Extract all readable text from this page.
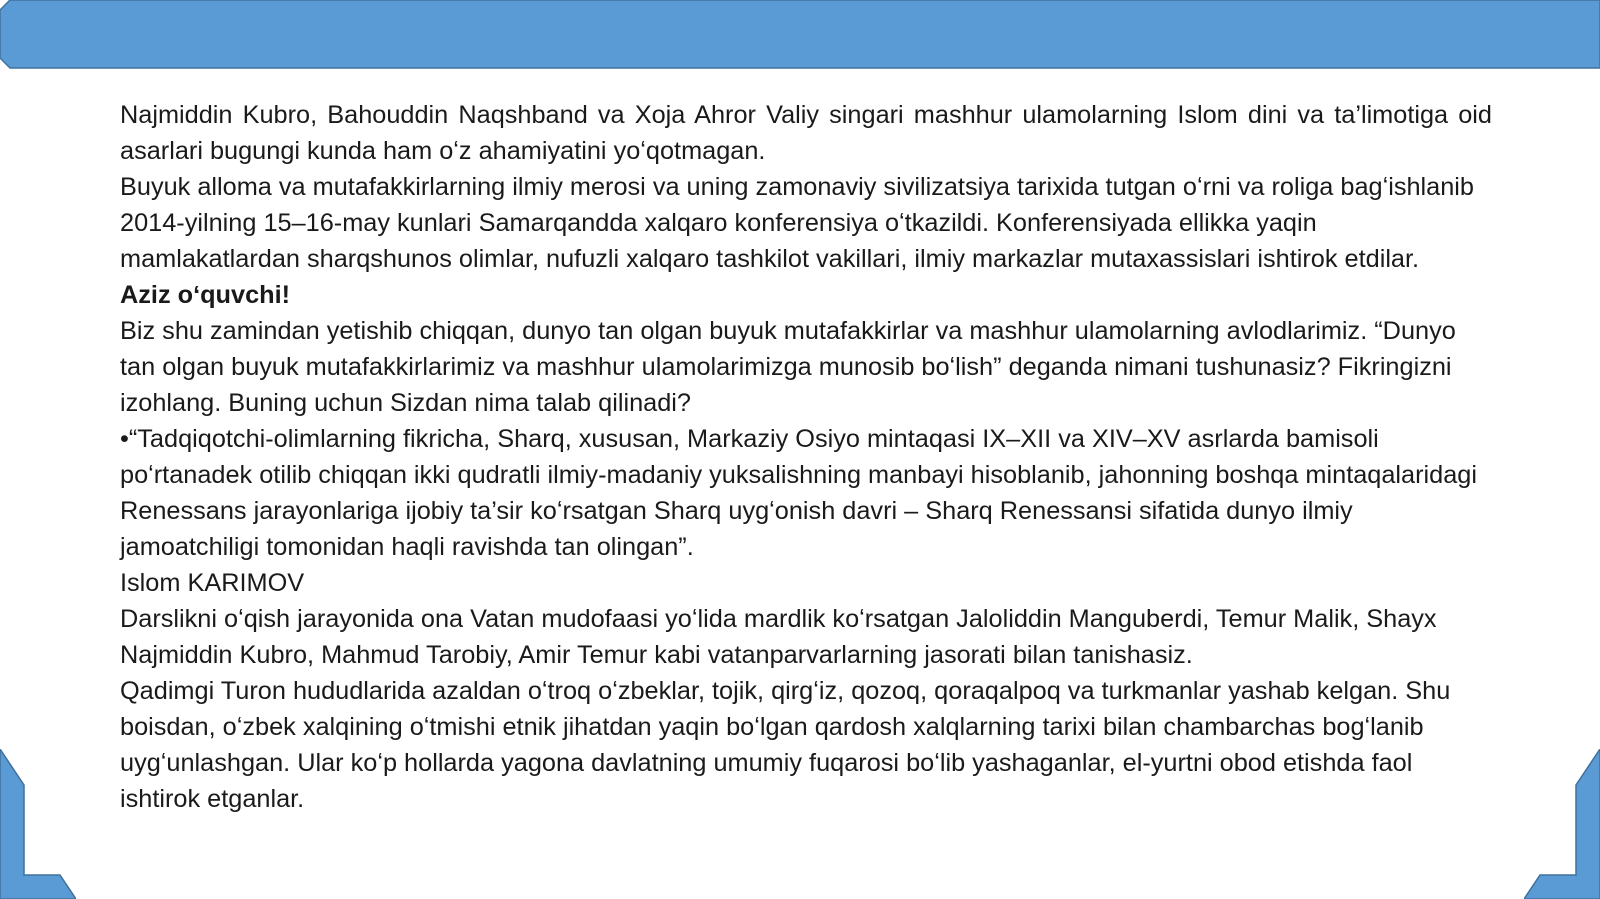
Najmiddin Kubro, Bahouddin Naqshband va Xoja Ahror Valiy singari mashhur ulamolarning Islom dini va ta’limotiga oid asarlari bugungi kunda ham oʻz ahamiyatini yoʻqotmagan.

Buyuk alloma va mutafakkirlarning ilmiy merosi va uning zamonaviy sivilizatsiya tarixida tutgan oʻrni va roliga bagʻishlanib 2014-yilning 15–16-may kunlari Samarqandda xalqaro konferensiya oʻtkazildi. Konferensiyada ellikka yaqin mamlakatlardan sharqshunos olimlar, nufuzli xalqaro tashkilot vakillari, ilmiy markazlar mutaxassislari ishtirok etdilar.

Aziz oʻquvchi!

Biz shu zamindan yetishib chiqqan, dunyo tan olgan buyuk mutafakkirlar va mashhur ulamolarning avlodlarimiz. “Dunyo tan olgan buyuk mutafakkirlarimiz va mashhur ulamolarimizga munosib boʻlish” deganda nimani tushunasiz? Fikringizni izohlang. Buning uchun Sizdan nima talab qilinadi?

•“Tadqiqotchi-olimlarning fikricha, Sharq, xususan, Markaziy Osiyo mintaqasi IX–XII va XIV–XV asrlarda bamisoli poʻrtanadek otilib chiqqan ikki qudratli ilmiy-madaniy yuksalishning manbayi hisoblanib, jahonning boshqa mintaqalaridagi Renessans jarayonlariga ijobiy ta’sir koʻrsatgan Sharq uygʻonish davri – Sharq Renessansi sifatida dunyo ilmiy jamoatchiligi tomonidan haqli ravishda tan olingan”.

Islom KARIMOV

Darslikni oʻqish jarayonida ona Vatan mudofaasi yoʻlida mardlik koʻrsatgan Jaloliddin Manguberdi, Temur Malik, Shayx Najmiddin Kubro, Mahmud Tarobiy, Amir Temur kabi vatanparvarlarning jasorati bilan tanishasiz.

Qadimgi Turon hududlarida azaldan oʻtroq oʻzbeklar, tojik, qirgʻiz, qozoq, qoraqalpoq va turkmanlar yashab kelgan. Shu boisdan, oʻzbek xalqining oʻtmishi etnik jihatdan yaqin boʻlgan qardosh xalqlarning tarixi bilan chambarchas bogʻlanib uygʻunlashgan. Ular koʻp hollarda yagona davlatning umumiy fuqarosi boʻlib yashaganlar, el-yurtni obod etishda faol ishtirok etganlar.
